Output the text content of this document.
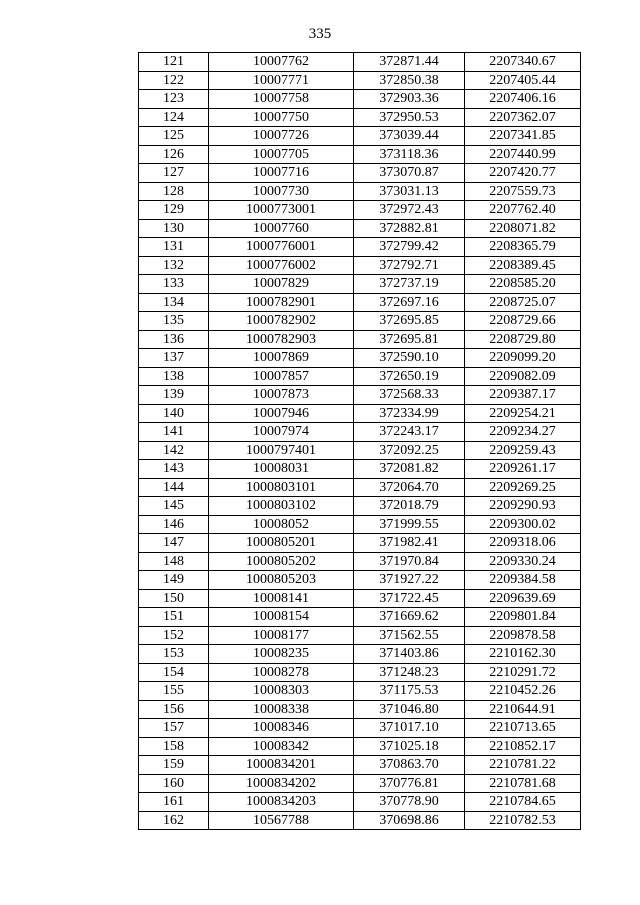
335
121	10007762	372871.44	2207340.67
122	10007771	372850.38	2207405.44
123	10007758	372903.36	2207406.16
124	10007750	372950.53	2207362.07
125	10007726	373039.44	2207341.85
126	10007705	373118.36	2207440.99
127	10007716	373070.87	2207420.77
128	10007730	373031.13	2207559.73
129	1000773001	372972.43	2207762.40
130	10007760	372882.81	2208071.82
131	1000776001	372799.42	2208365.79
132	1000776002	372792.71	2208389.45
133	10007829	372737.19	2208585.20
134	1000782901	372697.16	2208725.07
135	1000782902	372695.85	2208729.66
136	1000782903	372695.81	2208729.80
137	10007869	372590.10	2209099.20
138	10007857	372650.19	2209082.09
139	10007873	372568.33	2209387.17
140	10007946	372334.99	2209254.21
141	10007974	372243.17	2209234.27
142	1000797401	372092.25	2209259.43
143	10008031	372081.82	2209261.17
144	1000803101	372064.70	2209269.25
145	1000803102	372018.79	2209290.93
146	10008052	371999.55	2209300.02
147	1000805201	371982.41	2209318.06
148	1000805202	371970.84	2209330.24
149	1000805203	371927.22	2209384.58
150	10008141	371722.45	2209639.69
151	10008154	371669.62	2209801.84
152	10008177	371562.55	2209878.58
153	10008235	371403.86	2210162.30
154	10008278	371248.23	2210291.72
155	10008303	371175.53	2210452.26
156	10008338	371046.80	2210644.91
157	10008346	371017.10	2210713.65
158	10008342	371025.18	2210852.17
159	1000834201	370863.70	2210781.22
160	1000834202	370776.81	2210781.68
161	1000834203	370778.90	2210784.65
162	10567788	370698.86	2210782.53
